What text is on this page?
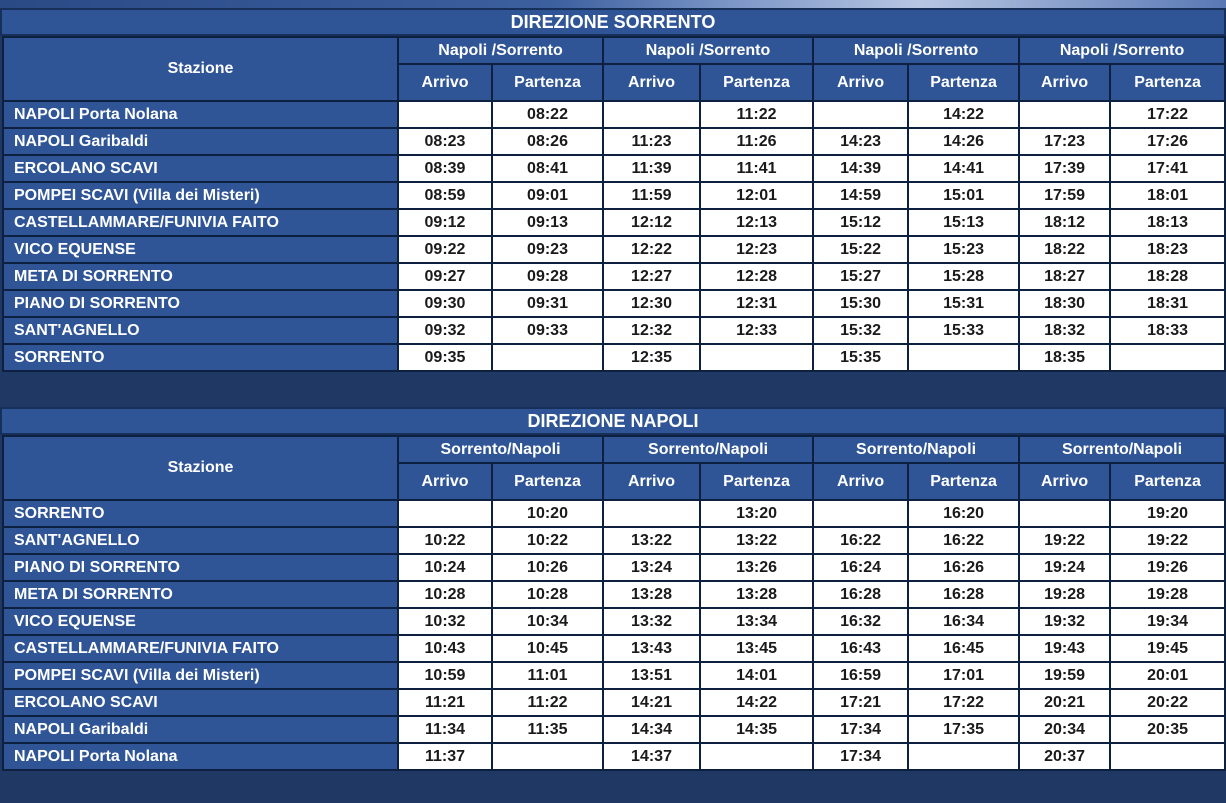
DIREZIONE SORRENTO
Stazione	Napoli /Sorrento		Napoli /Sorrento		Napoli /Sorrento		Napoli /Sorrento	
	Arrivo	Partenza	Arrivo	Partenza	Arrivo	Partenza	Arrivo	Partenza
NAPOLI Porta Nolana		08:22		11:22		14:22		17:22
NAPOLI Garibaldi	08:23	08:26	11:23	11:26	14:23	14:26	17:23	17:26
ERCOLANO SCAVI	08:39	08:41	11:39	11:41	14:39	14:41	17:39	17:41
POMPEI SCAVI (Villa dei Misteri)	08:59	09:01	11:59	12:01	14:59	15:01	17:59	18:01
CASTELLAMMARE/FUNIVIA FAITO	09:12	09:13	12:12	12:13	15:12	15:13	18:12	18:13
VICO EQUENSE	09:22	09:23	12:22	12:23	15:22	15:23	18:22	18:23
META DI SORRENTO	09:27	09:28	12:27	12:28	15:27	15:28	18:27	18:28
PIANO DI SORRENTO	09:30	09:31	12:30	12:31	15:30	15:31	18:30	18:31
SANT'AGNELLO	09:32	09:33	12:32	12:33	15:32	15:33	18:32	18:33
SORRENTO	09:35		12:35		15:35		18:35	
DIREZIONE NAPOLI
Stazione	Sorrento/Napoli		Sorrento/Napoli		Sorrento/Napoli		Sorrento/Napoli	
	Arrivo	Partenza	Arrivo	Partenza	Arrivo	Partenza	Arrivo	Partenza
SORRENTO		10:20		13:20		16:20		19:20
SANT'AGNELLO	10:22	10:22	13:22	13:22	16:22	16:22	19:22	19:22
PIANO DI SORRENTO	10:24	10:26	13:24	13:26	16:24	16:26	19:24	19:26
META DI SORRENTO	10:28	10:28	13:28	13:28	16:28	16:28	19:28	19:28
VICO EQUENSE	10:32	10:34	13:32	13:34	16:32	16:34	19:32	19:34
CASTELLAMMARE/FUNIVIA FAITO	10:43	10:45	13:43	13:45	16:43	16:45	19:43	19:45
POMPEI SCAVI (Villa dei Misteri)	10:59	11:01	13:51	14:01	16:59	17:01	19:59	20:01
ERCOLANO SCAVI	11:21	11:22	14:21	14:22	17:21	17:22	20:21	20:22
NAPOLI Garibaldi	11:34	11:35	14:34	14:35	17:34	17:35	20:34	20:35
NAPOLI Porta Nolana	11:37		14:37		17:34		20:37	
